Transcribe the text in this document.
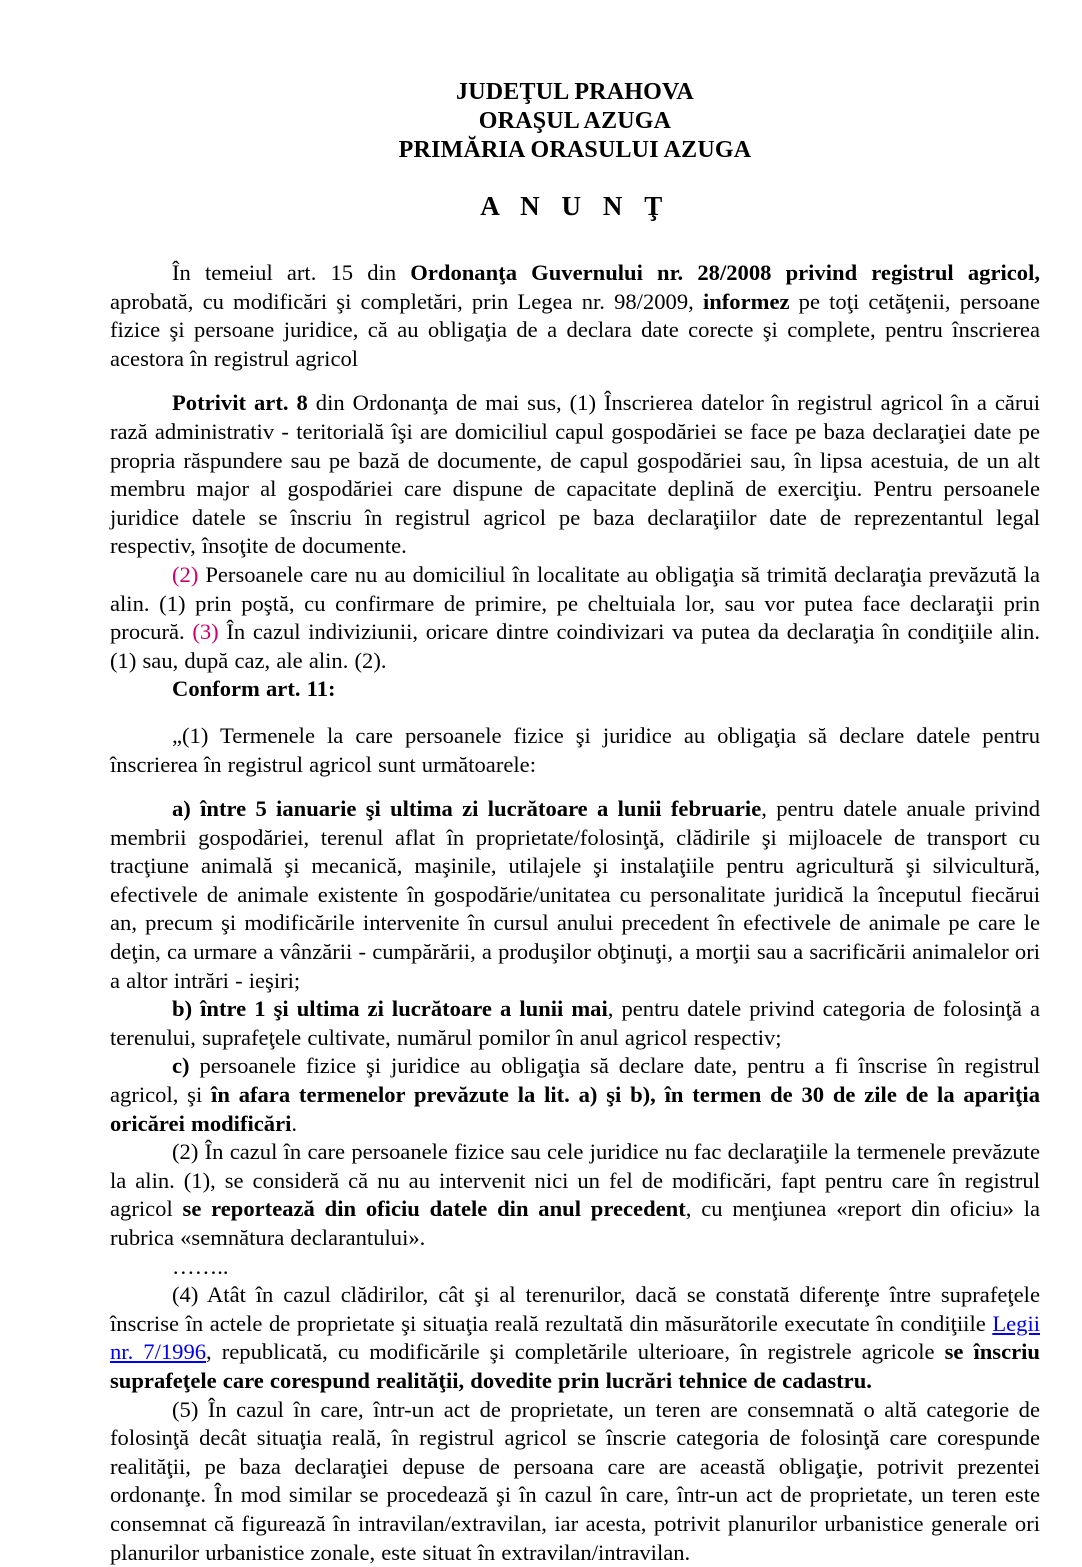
JUDEŢUL PRAHOVA
ORAŞUL AZUGA
PRIMĂRIA ORASULUI AZUGA
A N U N Ţ

În temeiul art. 15 din Ordonanţa Guvernului nr. 28/2008 privind registrul agricol, aprobată, cu modificări şi completări, prin Legea nr. 98/2009, informez pe toţi cetăţenii, persoane fizice şi persoane juridice, că au obligaţia de a declara date corecte şi complete, pentru înscrierea acestora în registrul agricol

Potrivit art. 8 din Ordonanţa de mai sus, (1) Înscrierea datelor în registrul agricol în a cărui rază administrativ - teritorială îşi are domiciliul capul gospodăriei se face pe baza declaraţiei date pe propria răspundere sau pe bază de documente, de capul gospodăriei sau, în lipsa acestuia, de un alt membru major al gospodăriei care dispune de capacitate deplină de exerciţiu. Pentru persoanele juridice datele se înscriu în registrul agricol pe baza declaraţiilor date de reprezentantul legal respectiv, însoţite de documente.

(2) Persoanele care nu au domiciliul în localitate au obligaţia să trimită declaraţia prevăzută la alin. (1) prin poştă, cu confirmare de primire, pe cheltuiala lor, sau vor putea face declaraţii prin procură. (3) În cazul indiviziunii, oricare dintre coindivizari va putea da declaraţia în condiţiile alin. (1) sau, după caz, ale alin. (2).

Conform art. 11:

„(1) Termenele la care persoanele fizice şi juridice au obligaţia să declare datele pentru înscrierea în registrul agricol sunt următoarele:

a) între 5 ianuarie şi ultima zi lucrătoare a lunii februarie, pentru datele anuale privind membrii gospodăriei, terenul aflat în proprietate/folosinţă, clădirile şi mijloacele de transport cu tracţiune animală şi mecanică, maşinile, utilajele şi instalaţiile pentru agricultură şi silvicultură, efectivele de animale existente în gospodărie/unitatea cu personalitate juridică la începutul fiecărui an, precum şi modificările intervenite în cursul anului precedent în efectivele de animale pe care le deţin, ca urmare a vânzării - cumpărării, a produşilor obţinuţi, a morţii sau a sacrificării animalelor ori a altor intrări - ieşiri;

b) între 1 şi ultima zi lucrătoare a lunii mai, pentru datele privind categoria de folosinţă a terenului, suprafeţele cultivate, numărul pomilor în anul agricol respectiv;

c) persoanele fizice şi juridice au obligaţia să declare date, pentru a fi înscrise în registrul agricol, şi în afara termenelor prevăzute la lit. a) şi b), în termen de 30 de zile de la apariţia oricărei modificări.

(2) În cazul în care persoanele fizice sau cele juridice nu fac declaraţiile la termenele prevăzute la alin. (1), se consideră că nu au intervenit nici un fel de modificări, fapt pentru care în registrul agricol se reportează din oficiu datele din anul precedent, cu menţiunea «report din oficiu» la rubrica «semnătura declarantului».

……..

(4) Atât în cazul clădirilor, cât şi al terenurilor, dacă se constată diferenţe între suprafeţele înscrise în actele de proprietate şi situaţia reală rezultată din măsurătorile executate în condiţiile Legii nr. 7/1996, republicată, cu modificările şi completările ulterioare, în registrele agricole se înscriu suprafeţele care corespund realităţii, dovedite prin lucrări tehnice de cadastru.

(5) În cazul în care, într-un act de proprietate, un teren are consemnată o altă categorie de folosinţă decât situaţia reală, în registrul agricol se înscrie categoria de folosinţă care corespunde realităţii, pe baza declaraţiei depuse de persoana care are această obligaţie, potrivit prezentei ordonanţe. În mod similar se procedează şi în cazul în care, într-un act de proprietate, un teren este consemnat că figurează în intravilan/extravilan, iar acesta, potrivit planurilor urbanistice generale ori planurilor urbanistice zonale, este situat în extravilan/intravilan.
